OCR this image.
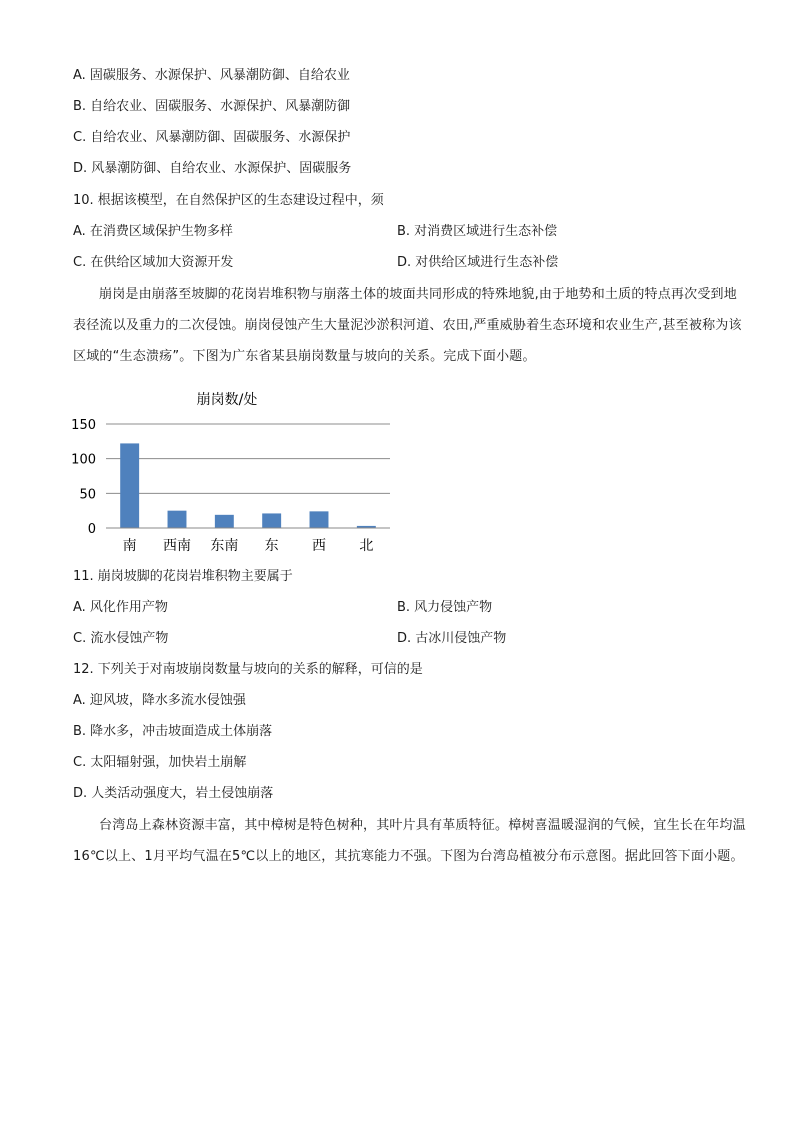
A. 固碳服务、水源保护、风暴潮防御、自给农业
B. 自给农业、固碳服务、水源保护、风暴潮防御
C. 自给农业、风暴潮防御、固碳服务、水源保护
D. 风暴潮防御、自给农业、水源保护、固碳服务
10. 根据该模型，在自然保护区的生态建设过程中，须
A. 在消费区域保护生物多样	B. 对消费区域进行生态补偿
C. 在供给区域加大资源开发	D. 对供给区域进行生态补偿
崩岗是由崩落至坡脚的花岗岩堆积物与崩落土体的坡面共同形成的特殊地貌,由于地势和土质的特点再次受到地表径流以及重力的二次侵蚀。崩岗侵蚀产生大量泥沙淤积河道、农田,严重威胁着生态环境和农业生产,甚至被称为该区域的“生态溃疡”。下图为广东省某县崩岗数量与坡向的关系。完成下面小题。
崩岗数/处
0
50
100
150
南 西南 东南 东 西 北
11. 崩岗坡脚的花岗岩堆积物主要属于
A. 风化作用产物	B. 风力侵蚀产物
C. 流水侵蚀产物	D. 古冰川侵蚀产物
12. 下列关于对南坡崩岗数量与坡向的关系的解释，可信的是
A. 迎风坡，降水多流水侵蚀强
B. 降水多，冲击坡面造成土体崩落
C. 太阳辐射强，加快岩土崩解
D. 人类活动强度大，岩土侵蚀崩落
台湾岛上森林资源丰富，其中樟树是特色树种，其叶片具有革质特征。樟树喜温暖湿润的气候，宜生长在年均温16℃以上、1月平均气温在5℃以上的地区，其抗寒能力不强。下图为台湾岛植被分布示意图。据此回答下面小题。
